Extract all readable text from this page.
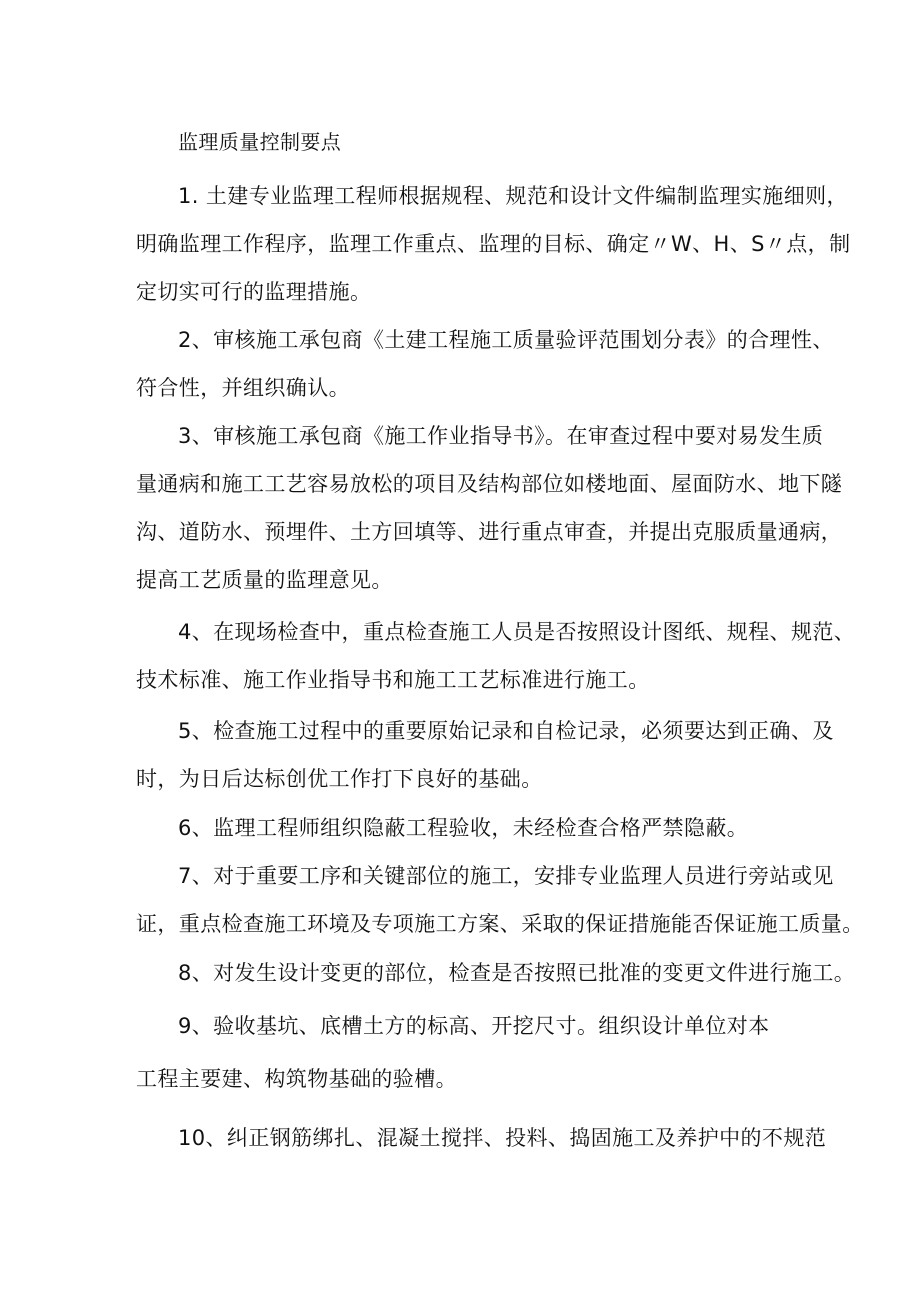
监理质量控制要点
1. 土建专业监理工程师根据规程、规范和设计文件编制监理实施细则，
明确监理工作程序，监理工作重点、监理的目标、确定〃W、H、S〃点，制
定切实可行的监理措施。
2、审核施工承包商《土建工程施工质量验评范围划分表》的合理性、
符合性，并组织确认。
3、审核施工承包商《施工作业指导书》。在审查过程中要对易发生质
量通病和施工工艺容易放松的项目及结构部位如楼地面、屋面防水、地下隧
沟、道防水、预埋件、土方回填等、进行重点审查，并提出克服质量通病，
提高工艺质量的监理意见。
4、在现场检查中，重点检查施工人员是否按照设计图纸、规程、规范、
技术标准、施工作业指导书和施工工艺标准进行施工。
5、检查施工过程中的重要原始记录和自检记录，必须要达到正确、及
时，为日后达标创优工作打下良好的基础。
6、监理工程师组织隐蔽工程验收，未经检查合格严禁隐蔽。
7、对于重要工序和关键部位的施工，安排专业监理人员进行旁站或见
证，重点检查施工环境及专项施工方案、采取的保证措施能否保证施工质量。
8、对发生设计变更的部位，检查是否按照已批准的变更文件进行施工。
9、验收基坑、底槽土方的标高、开挖尺寸。组织设计单位对本
工程主要建、构筑物基础的验槽。
10、纠正钢筋绑扎、混凝土搅拌、投料、捣固施工及养护中的不规范
